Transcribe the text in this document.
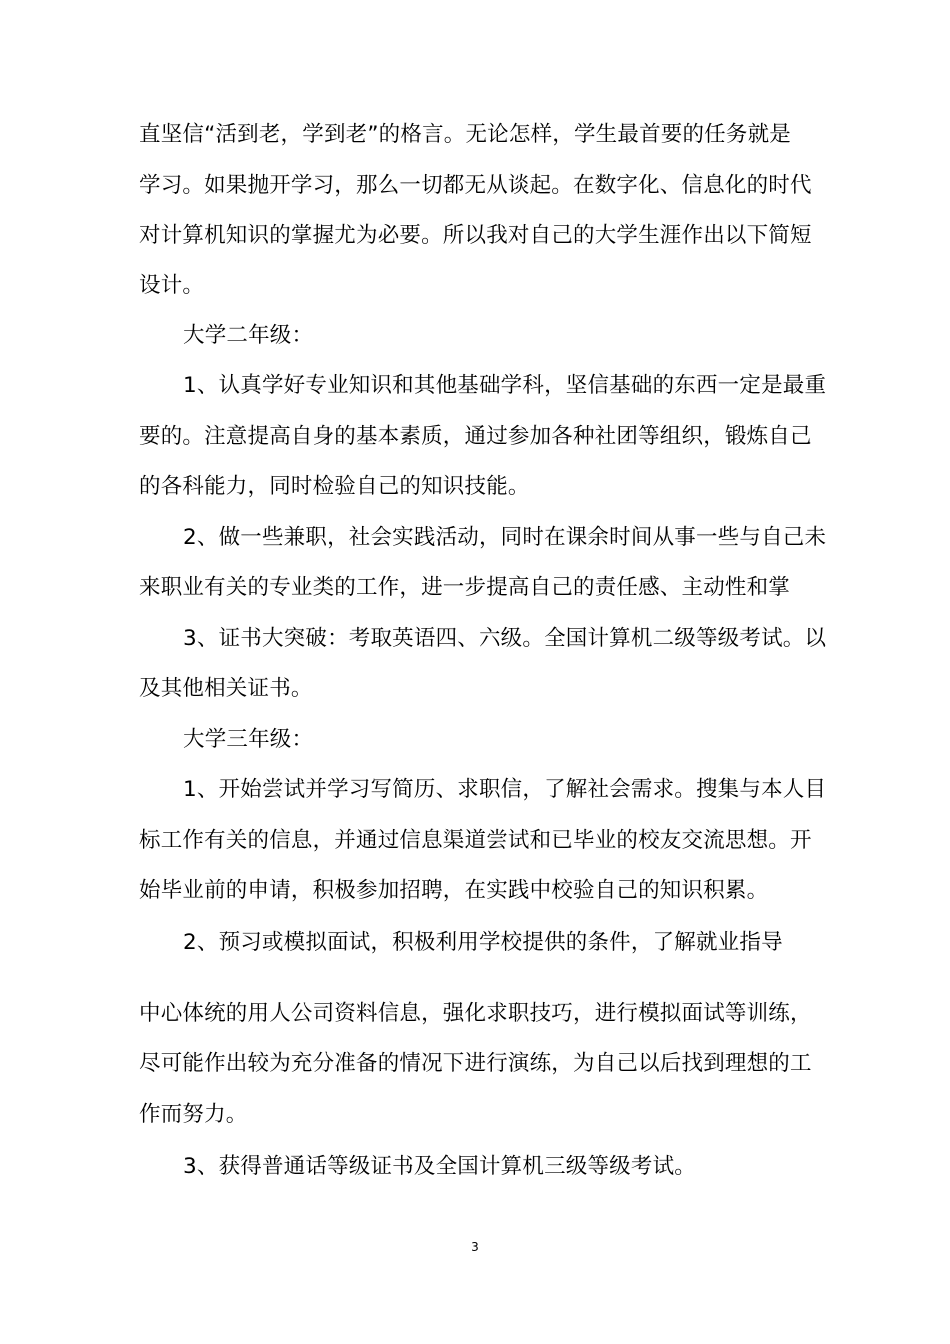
直坚信“活到老，学到老”的格言。无论怎样，学生最首要的任务就是
学习。如果抛开学习，那么一切都无从谈起。在数字化、信息化的时代
对计算机知识的掌握尤为必要。所以我对自己的大学生涯作出以下简短
设计。
大学二年级：
1、认真学好专业知识和其他基础学科，坚信基础的东西一定是最重
要的。注意提高自身的基本素质，通过参加各种社团等组织，锻炼自己
的各科能力，同时检验自己的知识技能。
2、做一些兼职，社会实践活动，同时在课余时间从事一些与自己未
来职业有关的专业类的工作，进一步提高自己的责任感、主动性和掌
3、证书大突破：考取英语四、六级。全国计算机二级等级考试。以
及其他相关证书。
大学三年级：
1、开始尝试并学习写简历、求职信，了解社会需求。搜集与本人目
标工作有关的信息，并通过信息渠道尝试和已毕业的校友交流思想。开
始毕业前的申请，积极参加招聘，在实践中校验自己的知识积累。
2、预习或模拟面试，积极利用学校提供的条件，了解就业指导
中心体统的用人公司资料信息，强化求职技巧，进行模拟面试等训练，
尽可能作出较为充分准备的情况下进行演练，为自己以后找到理想的工
作而努力。
3、获得普通话等级证书及全国计算机三级等级考试。
3
